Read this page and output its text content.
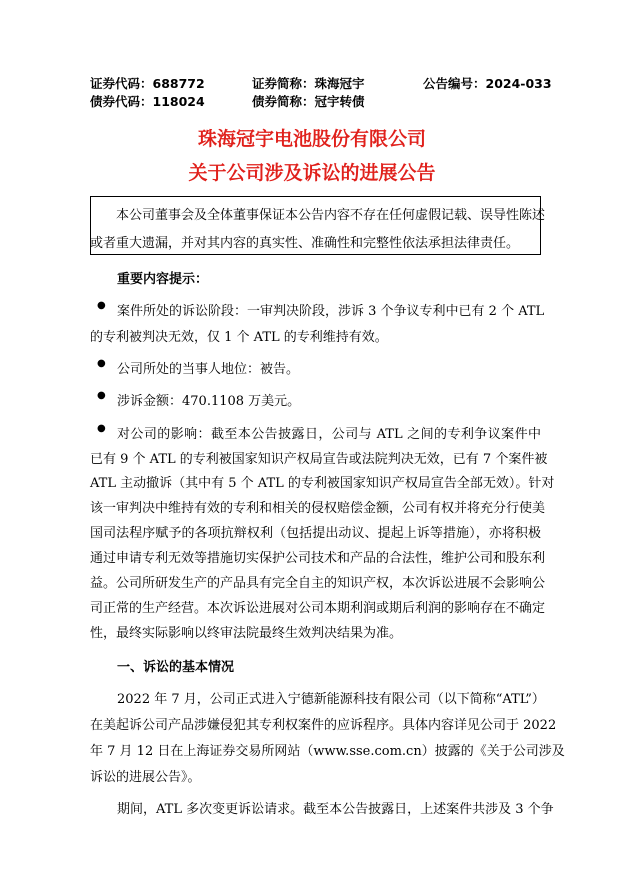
证券代码：688772	证券简称：珠海冠宇	公告编号：2024-033
债券代码：118024	债券简称：冠宇转债
珠海冠宇电池股份有限公司
关于公司涉及诉讼的进展公告
本公司董事会及全体董事保证本公告内容不存在任何虚假记载、误导性陈述
或者重大遗漏，并对其内容的真实性、准确性和完整性依法承担法律责任。
重要内容提示：
● 案件所处的诉讼阶段：一审判决阶段，涉诉 3 个争议专利中已有 2 个 ATL
的专利被判决无效，仅 1 个 ATL 的专利维持有效。
● 公司所处的当事人地位：被告。
● 涉诉金额：470.1108 万美元。
● 对公司的影响：截至本公告披露日，公司与 ATL 之间的专利争议案件中
已有 9 个 ATL 的专利被国家知识产权局宣告或法院判决无效，已有 7 个案件被
ATL 主动撤诉（其中有 5 个 ATL 的专利被国家知识产权局宣告全部无效）。针对
该一审判决中维持有效的专利和相关的侵权赔偿金额，公司有权并将充分行使美
国司法程序赋予的各项抗辩权利（包括提出动议、提起上诉等措施），亦将积极
通过申请专利无效等措施切实保护公司技术和产品的合法性，维护公司和股东利
益。公司所研发生产的产品具有完全自主的知识产权，本次诉讼进展不会影响公
司正常的生产经营。本次诉讼进展对公司本期利润或期后利润的影响存在不确定
性，最终实际影响以终审法院最终生效判决结果为准。
一、诉讼的基本情况
2022 年 7 月，公司正式进入宁德新能源科技有限公司（以下简称“ATL”）
在美起诉公司产品涉嫌侵犯其专利权案件的应诉程序。具体内容详见公司于 2022
年 7 月 12 日在上海证券交易所网站（www.sse.com.cn）披露的《关于公司涉及
诉讼的进展公告》。
期间，ATL 多次变更诉讼请求。截至本公告披露日，上述案件共涉及 3 个争
